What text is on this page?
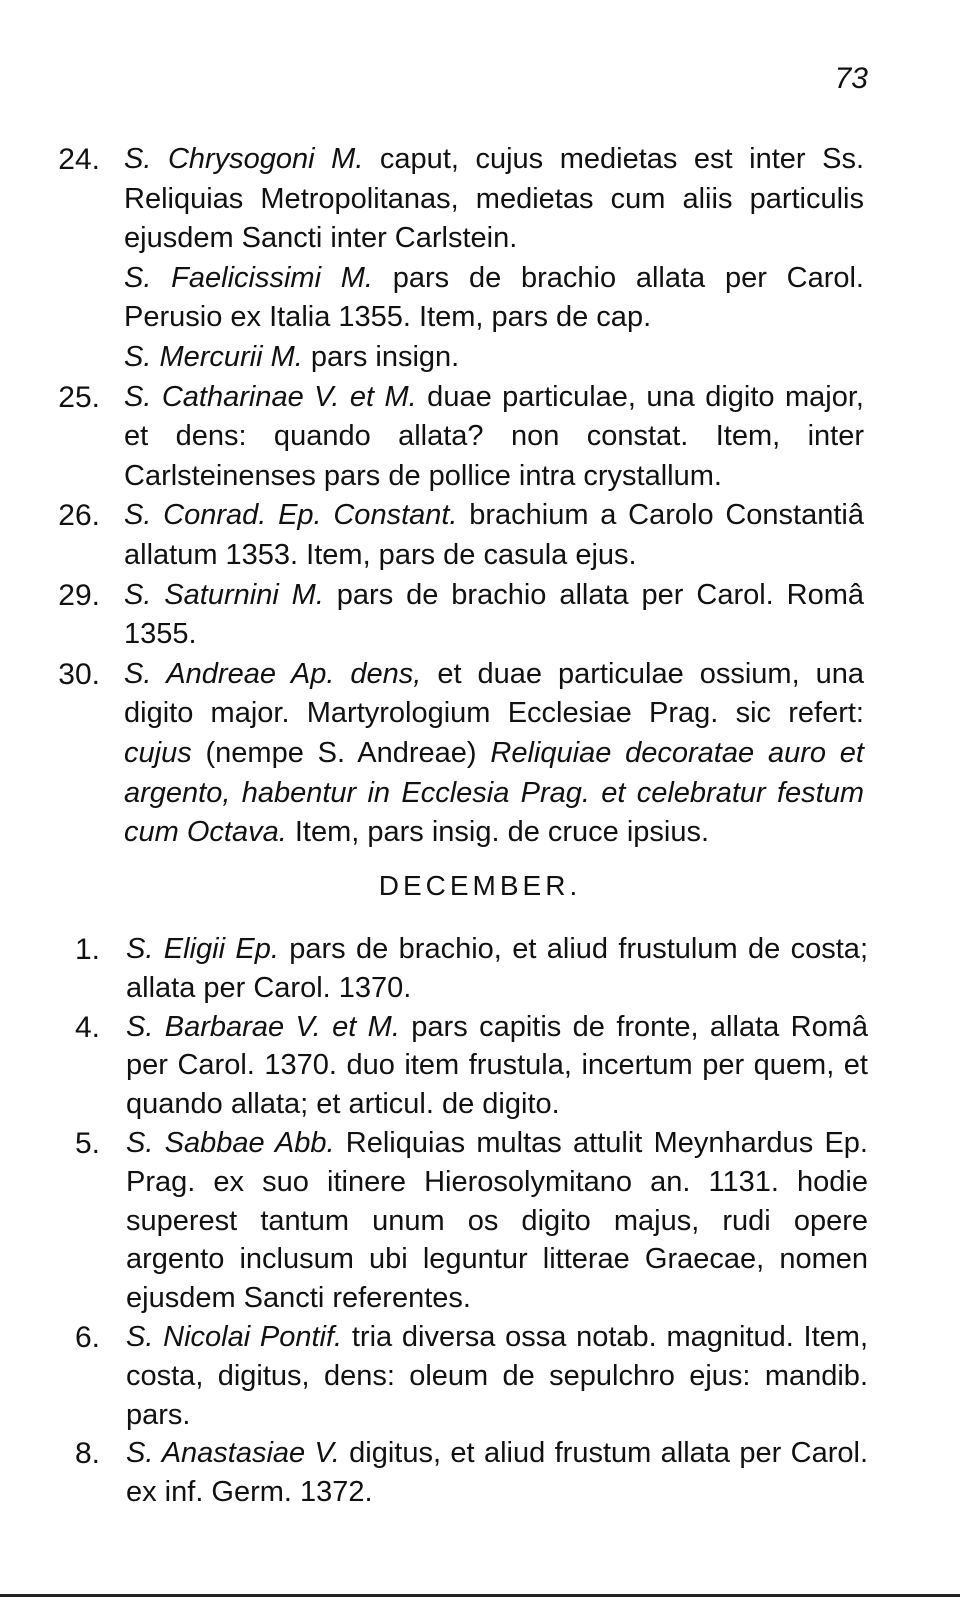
73
24. S. Chrysogoni M. caput, cujus medietas est inter Ss. Reliquias Metropolitanas, medietas cum aliis particulis ejusdem Sancti inter Carlstein.
S. Faelicissimi M. pars de brachio allata per Carol. Perusio ex Italia 1355. Item, pars de cap.
S. Mercurii M. pars insign.
25. S. Catharinae V. et M. duae particulae, una digito major, et dens: quando allata? non constat. Item, inter Carlsteinenses pars de pollice intra crystallum.
26. S. Conrad. Ep. Constant. brachium a Carolo Constantiâ allatum 1353. Item, pars de casula ejus.
29. S. Saturnini M. pars de brachio allata per Carol. Româ 1355.
30. S. Andreae Ap. dens, et duae particulae ossium, una digito major. Martyrologium Ecclesiae Prag. sic refert: cujus (nempe S. Andreae) Reliquiae decoratae auro et argento, habentur in Ecclesia Prag. et celebratur festum cum Octava. Item, pars insig. de cruce ipsius.
DECEMBER.
1. S. Eligii Ep. pars de brachio, et aliud frustulum de costa; allata per Carol. 1370.
4. S. Barbarae V. et M. pars capitis de fronte, allata Româ per Carol. 1370. duo item frustula, incertum per quem, et quando allata; et articul. de digito.
5. S. Sabbae Abb. Reliquias multas attulit Meynhardus Ep. Prag. ex suo itinere Hierosolymitano an. 1131. hodie superest tantum unum os digito majus, rudi opere argento inclusum ubi leguntur litterae Graecae, nomen ejusdem Sancti referentes.
6. S. Nicolai Pontif. tria diversa ossa notab. magnitud. Item, costa, digitus, dens: oleum de sepulchro ejus: mandib. pars.
8. S. Anastasiae V. digitus, et aliud frustum allata per Carol. ex inf. Germ. 1372.
